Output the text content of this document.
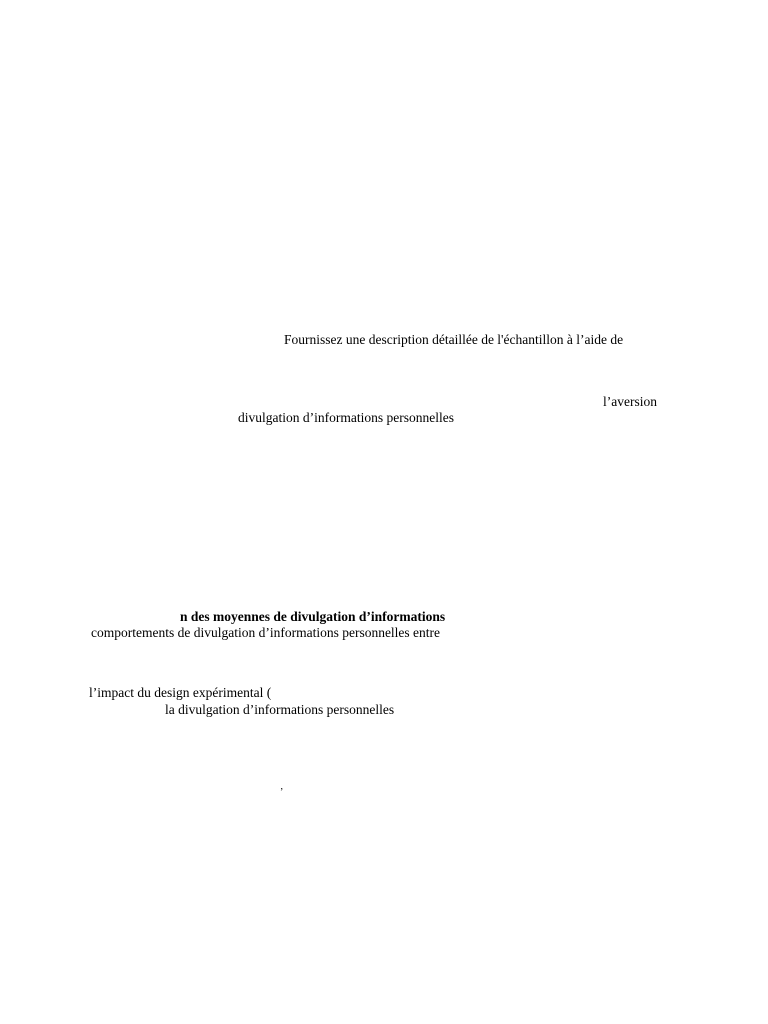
Fournissez une description détaillée de l'échantillon à l’aide de
l’aversion
divulgation d’informations personnelles
n des moyennes de divulgation d’informations
comportements de divulgation d’informations personnelles entre
l’impact du design expérimental (
la divulgation d’informations personnelles
’
